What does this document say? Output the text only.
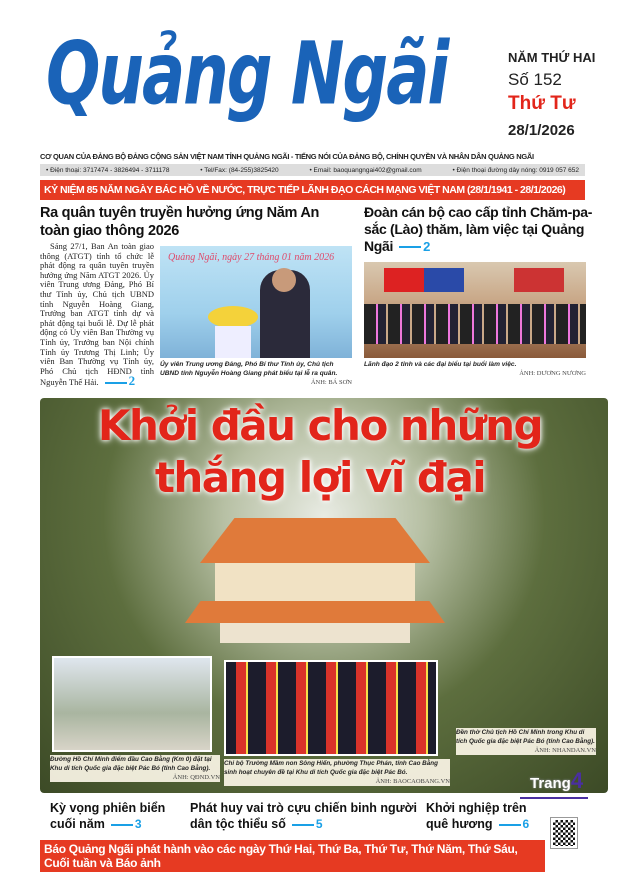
Quảng Ngãi	NĂM THỨ HAI
Số 152
Thứ Tư
28/1/2026
CƠ QUAN CỦA ĐẢNG BỘ ĐẢNG CỘNG SẢN VIỆT NAM TỈNH QUẢNG NGÃI - TIẾNG NÓI CỦA ĐẢNG BỘ, CHÍNH QUYỀN VÀ NHÂN DÂN QUẢNG NGÃI
• Điện thoại: 3717474 - 3826494 - 3711178	• Tel/Fax: (84-255)3825420	• Email: baoquangngai402@gmail.com	• Điện thoại đường dây nóng: 0919 057 652
KỶ NIỆM 85 NĂM NGÀY BÁC HỒ VỀ NƯỚC, TRỰC TIẾP LÃNH ĐẠO CÁCH MẠNG VIỆT NAM (28/1/1941 - 28/1/2026)
Ra quân tuyên truyền hưởng ứng Năm An toàn giao thông 2026
Sáng 27/1, Ban An toàn giao thông (ATGT) tỉnh tổ chức lễ phát động ra quân tuyên truyền hưởng ứng Năm ATGT 2026. Ủy viên Trung ương Đảng, Phó Bí thư Tỉnh ủy, Chủ tịch UBND tỉnh Nguyễn Hoàng Giang, Trưởng ban ATGT tỉnh dự và phát động tại buổi lễ. Dự lễ phát động có Ủy viên Ban Thường vụ Tỉnh ủy, Trưởng ban Nội chính Tỉnh ủy Trương Thị Linh; Ủy viên Ban Thường vụ Tỉnh ủy, Phó Chủ tịch HĐND tỉnh Nguyễn Thế Hải. 2
Quảng Ngãi, ngày 27 tháng 01 năm 2026
Ủy viên Trung ương Đảng, Phó Bí thư Tỉnh ủy, Chủ tịch UBND tỉnh Nguyễn Hoàng Giang phát biểu tại lễ ra quân.
ẢNH: BÁ SƠN
Đoàn cán bộ cao cấp tỉnh Chăm-pa-sắc (Lào) thăm, làm việc tại Quảng Ngãi 2
Lãnh đạo 2 tỉnh và các đại biểu tại buổi làm việc.
ẢNH: DƯƠNG NƯƠNG
Khởi đầu cho những
thắng lợi vĩ đại
Đường Hồ Chí Minh điểm đầu Cao Bằng (Km 0) đặt tại Khu di tích Quốc gia đặc biệt Pác Bó (tỉnh Cao Bằng).
ẢNH: QĐND.VN
Chi bộ Trường Mầm non Sông Hiến, phường Thục Phán, tỉnh Cao Bằng sinh hoạt chuyên đề tại Khu di tích Quốc gia đặc biệt Pác Bó.
ẢNH: BAOCAOBANG.VN
Đền thờ Chủ tịch Hồ Chí Minh trong Khu di tích Quốc gia đặc biệt Pác Bó (tỉnh Cao Bằng).
ẢNH: NHANDAN.VN
Trang4
Kỳ vọng phiên biển cuối năm	3
Phát huy vai trò cựu chiến binh người dân tộc thiểu số	5
Khởi nghiệp trên quê hương	6
Báo Quảng Ngãi phát hành vào các ngày Thứ Hai, Thứ Ba, Thứ Tư, Thứ Năm, Thứ Sáu, Cuối tuần và Báo ảnh
